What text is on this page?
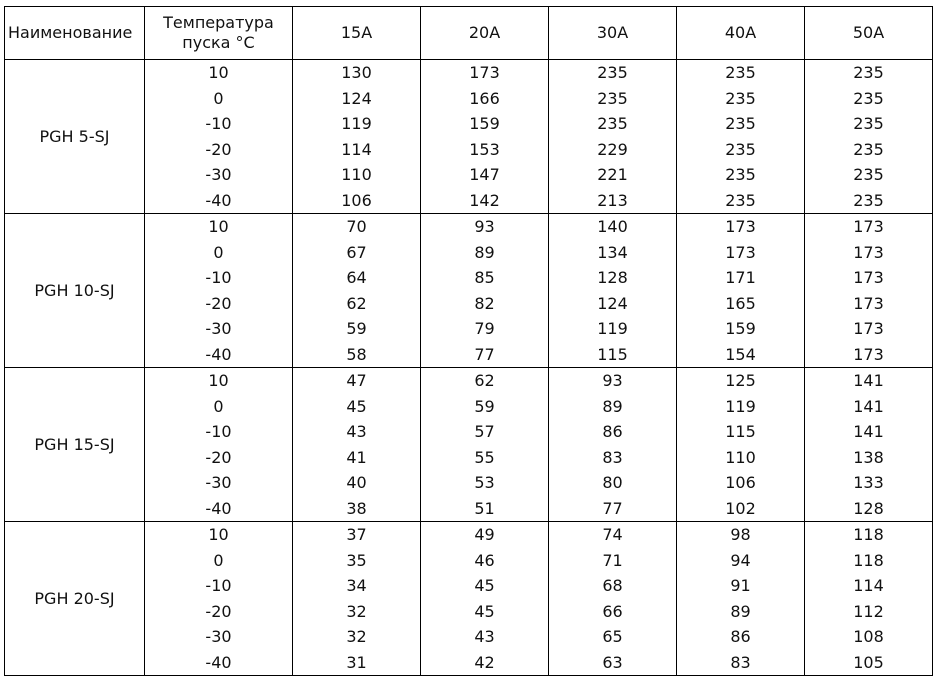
Наименование	Температура пуска °С	15A	20A	30A	40A	50A
PGH 5-SJ	10	130	173	235	235	235
	0	124	166	235	235	235
	-10	119	159	235	235	235
	-20	114	153	229	235	235
	-30	110	147	221	235	235
	-40	106	142	213	235	235
PGH 10-SJ	10	70	93	140	173	173
	0	67	89	134	173	173
	-10	64	85	128	171	173
	-20	62	82	124	165	173
	-30	59	79	119	159	173
	-40	58	77	115	154	173
PGH 15-SJ	10	47	62	93	125	141
	0	45	59	89	119	141
	-10	43	57	86	115	141
	-20	41	55	83	110	138
	-30	40	53	80	106	133
	-40	38	51	77	102	128
PGH 20-SJ	10	37	49	74	98	118
	0	35	46	71	94	118
	-10	34	45	68	91	114
	-20	32	45	66	89	112
	-30	32	43	65	86	108
	-40	31	42	63	83	105
